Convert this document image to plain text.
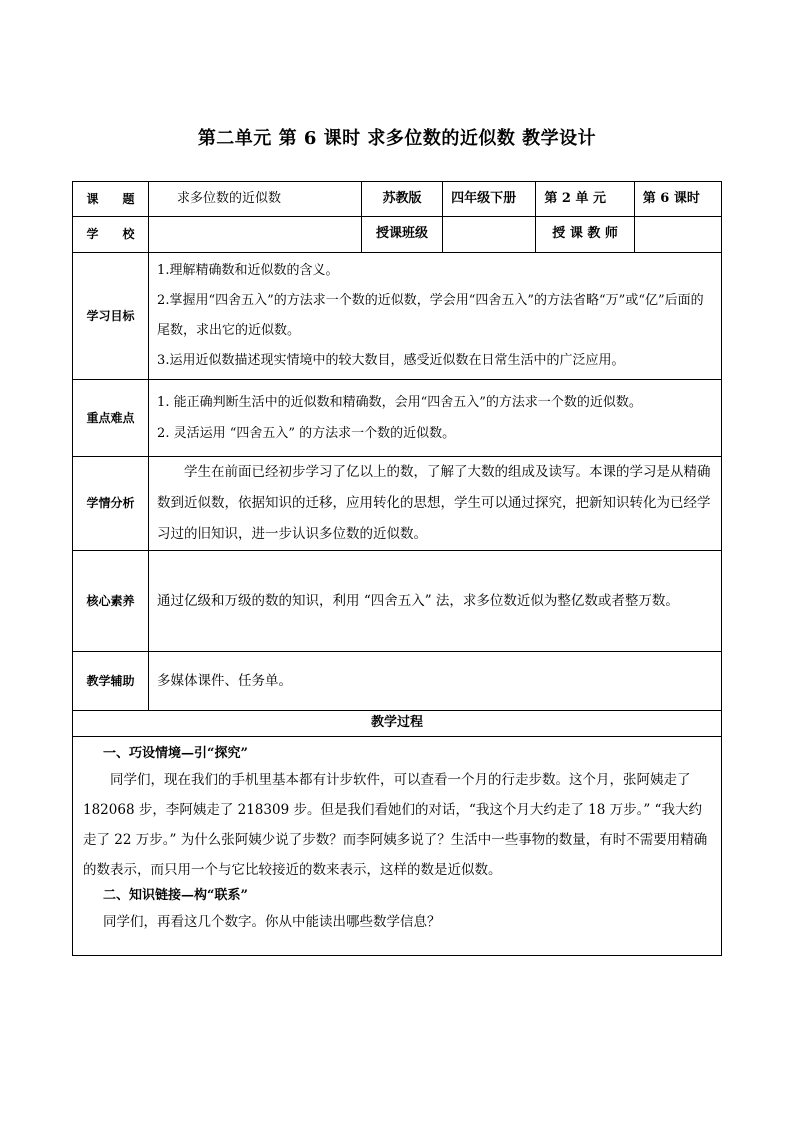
第二单元 第 6 课时 求多位数的近似数 教学设计
课　　题	求多位数的近似数	苏教版	四年级下册	第 2 单 元	第 6 课时
学　　校		授课班级		授 课 教 师	
学习目标	1.理解精确数和近似数的含义。

2.掌握用“四舍五入”的方法求一个数的近似数，学会用“四舍五入”的方法省略“万”或“亿”后面的尾数，求出它的近似数。

3.运用近似数描述现实情境中的较大数目，感受近似数在日常生活中的广泛应用。				

重点难点	1. 能正确判断生活中的近似数和精确数，会用“四舍五入”的方法求一个数的近似数。

2. 灵活运用 “四舍五入” 的方法求一个数的近似数。				

学情分析	学生在前面已经初步学习了亿以上的数，了解了大数的组成及读写。本课的学习是从精确数到近似数，依据知识的迁移，应用转化的思想，学生可以通过探究，把新知识转化为已经学习过的旧知识，进一步认识多位数的近似数。				

核心素养	通过亿级和万级的数的知识，利用 “四舍五入” 法，求多位数近似为整亿数或者整万数。				
教学辅助	多媒体课件、任务单。				
教学过程					

一、巧设情境—引“探究”

同学们，现在我们的手机里基本都有计步软件，可以查看一个月的行走步数。这个月，张阿姨走了 182068 步，李阿姨走了 218309 步。但是我们看她们的对话，“我这个月大约走了 18 万步。” “我大约走了 22 万步。” 为什么张阿姨少说了步数？而李阿姨多说了？生活中一些事物的数量，有时不需要用精确的数表示，而只用一个与它比较接近的数来表示，这样的数是近似数。

二、知识链接—构“联系”

同学们，再看这几个数字。你从中能读出哪些数学信息？					
